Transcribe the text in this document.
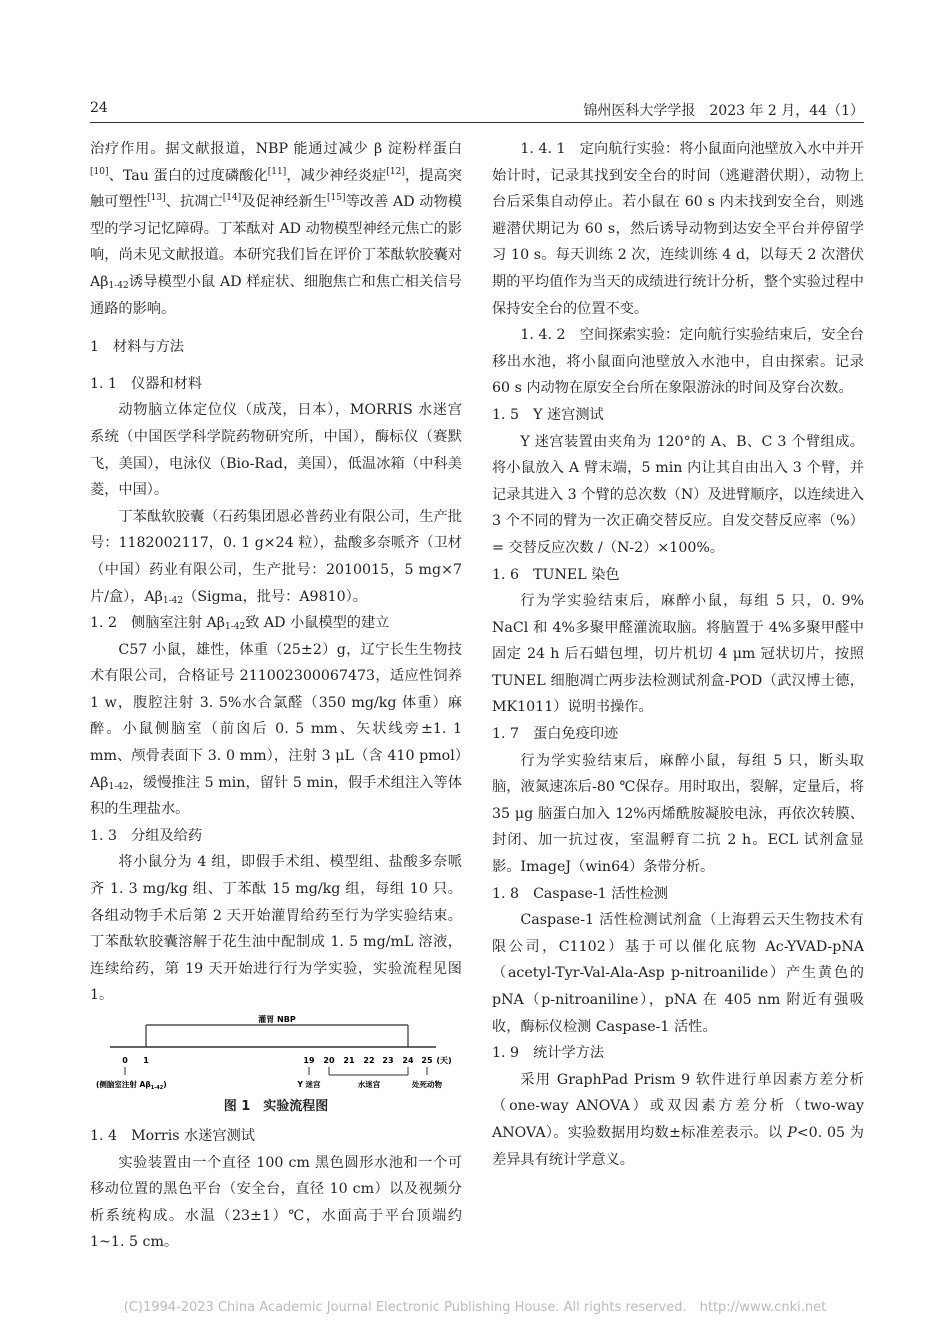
24	锦州医科大学学报　2023 年 2 月，44（1）

治疗作用。据文献报道，NBP 能通过减少 β 淀粉样蛋白[10]、Tau 蛋白的过度磷酸化[11]，减少神经炎症[12]，提高突触可塑性[13]、抗凋亡[14]及促神经新生[15]等改善 AD 动物模型的学习记忆障碍。丁苯酞对 AD 动物模型神经元焦亡的影响，尚未见文献报道。本研究我们旨在评价丁苯酞软胶囊对 $A\beta_{1-42}$诱导模型小鼠 AD 样症状、细胞焦亡和焦亡相关信号通路的影响。

1 材料与方法
1. 1 仪器和材料

动物脑立体定位仪（成茂，日本），MORRIS 水迷宫系统（中国医学科学院药物研究所，中国），酶标仪（赛默飞，美国），电泳仪（Bio-Rad，美国），低温冰箱（中科美菱，中国）。

丁苯酞软胶囊（石药集团恩必普药业有限公司，生产批号：1182002117，0. 1 g×24 粒），盐酸多奈哌齐（卫材（中国）药业有限公司，生产批号：2010015，5 mg×7 片/盒），$A\beta_{1-42}(Sigma$，批号：A9810）。

1. 2 侧脑室注射 $A\beta_{1-42}$致 AD 小鼠模型的建立

C57 小鼠，雄性，体重（25±2）g，辽宁长生生物技术有限公司，合格证号 211002300067473，适应性饲养 1 w，腹腔注射 3. 5%水合氯醛（350 mg/kg 体重）麻醉。小鼠侧脑室（前囟后 0. 5 mm、矢状线旁±1. 1 mm、颅骨表面下 3. 0 mm），注射 3 μL（含 410 $pmol)A\beta_{1-42}$，缓慢推注 5 min，留针 5 min，假手术组注入等体积的生理盐水。

1. 3 分组及给药

将小鼠分为 4 组，即假手术组、模型组、盐酸多奈哌齐 1. 3 mg/kg 组、丁苯酞 15 mg/kg 组，每组 10 只。各组动物手术后第 2 天开始灌胃给药至行为学实验结束。丁苯酞软胶囊溶解于花生油中配制成 1. 5 mg/mL 溶液，连续给药，第 19 天开始进行行为学实验，实验流程见图 1。

灌胃 NBP
0 1	19 20 21 22 23 24 25 (天)
(侧脑室注射 $A\beta_{1-42}$)	Y 迷宫	水迷宫	处死动物
图 1　实验流程图
1. 4 Morris 水迷宫测试

实验装置由一个直径 100 cm 黑色圆形水池和一个可移动位置的黑色平台（安全台，直径 10 cm）以及视频分析系统构成。水温（23±1）℃，水面高于平台顶端约 1~1. 5 cm。

1. 4. 1　 定向航行实验：将小鼠面向池壁放入水中并开始计时，记录其找到安全台的时间（逃避潜伏期），动物上台后采集自动停止。若小鼠在 60 s 内未找到安全台，则逃避潜伏期记为 60 s，然后诱导动物到达安全平台并停留学习 10 s。每天训练 2 次，连续训练 4 d，以每天 2 次潜伏期的平均值作为当天的成绩进行统计分析，整个实验过程中保持安全台的位置不变。

1. 4. 2　 空间探索实验：定向航行实验结束后，安全台移出水池，将小鼠面向池壁放入水池中，自由探索。记录 60 s 内动物在原安全台所在象限游泳的时间及穿台次数。

1. 5 Y 迷宫测试

Y 迷宫装置由夹角为 120°的 A、B、C 3 个臂组成。将小鼠放入 A 臂末端，5 min 内让其自由出入 3 个臂，并记录其进入 3 个臂的总次数（N）及进臂顺序，以连续进入 3 个不同的臂为一次正确交替反应。自发交替反应率（%）= 交替反应次数 /（N-2）×100%。

1. 6 TUNEL 染色

行为学实验结束后，麻醉小鼠，每组 5 只，0. 9% NaCl 和 4%多聚甲醛灌流取脑。将脑置于 4%多聚甲醛中固定 24 h 后石蜡包埋，切片机切 4 μm 冠状切片，按照 TUNEL 细胞凋亡两步法检测试剂盒-POD（武汉博士德，MK1011）说明书操作。

1. 7 蛋白免疫印迹

行为学实验结束后，麻醉小鼠，每组 5 只，断头取脑，液氮速冻后-80 ℃保存。用时取出，裂解，定量后，将 35 μg 脑蛋白加入 12%丙烯酰胺凝胶电泳，再依次转膜、封闭、加一抗过夜，室温孵育二抗 2 h。ECL 试剂盒显影。ImageJ（win64）条带分析。

1. 8 Caspase-1 活性检测

Caspase-1 活性检测试剂盒（上海碧云天生物技术有限公司，C1102）基于可以催化底物 Ac-YVAD-pNA（acetyl-Tyr-Val-Ala-Asp p-nitroanilide）产生黄色的 pNA（p-nitroaniline），pNA 在 405 nm 附近有强吸收，酶标仪检测 Caspase-1 活性。

1. 9 统计学方法

采用 GraphPad Prism 9 软件进行单因素方差分析（one-way ANOVA）或双因素方差分析（two-way ANOVA）。实验数据用均数±标准差表示。以 P<0. 05 为差异具有统计学意义。

(C)1994-2023 China Academic Journal Electronic Publishing House. All rights reserved.　http://www.cnki.net
